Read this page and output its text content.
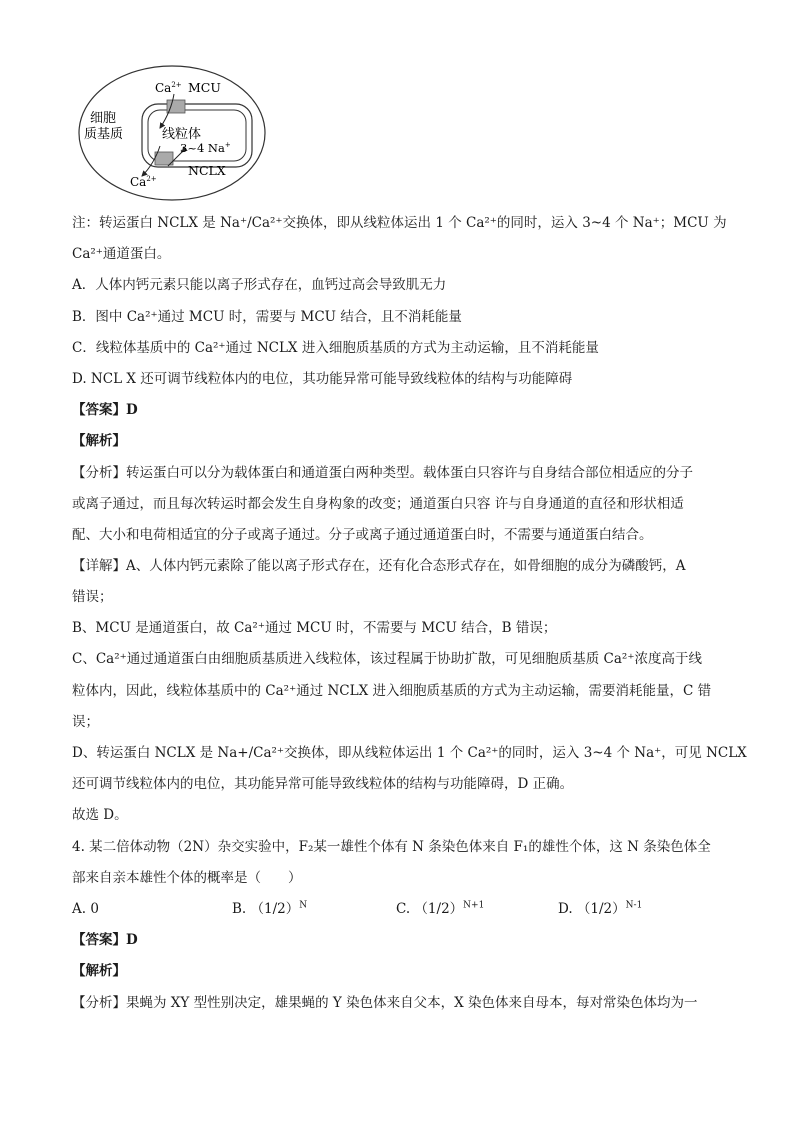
$Ca^{2+}$ MCU
细胞
质基质	线粒体
3~4 Na+
NCLX
$Ca^{2+}$
注：转运蛋白 NCLX 是 Na⁺/Ca²⁺交换体，即从线粒体运出 1 个 Ca²⁺的同时，运入 3~4 个 Na⁺；MCU 为
Ca²⁺通道蛋白。
A．人体内钙元素只能以离子形式存在，血钙过高会导致肌无力
B．图中 Ca²⁺通过 MCU 时，需要与 MCU 结合，且不消耗能量
C．线粒体基质中的 Ca²⁺通过 NCLX 进入细胞质基质的方式为主动运输，且不消耗能量
D. NCL X 还可调节线粒体内的电位，其功能异常可能导致线粒体的结构与功能障碍
【答案】D
【解析】
【分析】转运蛋白可以分为载体蛋白和通道蛋白两种类型。载体蛋白只容许与自身结合部位相适应的分子
或离子通过，而且每次转运时都会发生自身构象的改变；通道蛋白只容 许与自身通道的直径和形状相适
配、大小和电荷相适宜的分子或离子通过。分子或离子通过通道蛋白时，不需要与通道蛋白结合。
【详解】A、人体内钙元素除了能以离子形式存在，还有化合态形式存在，如骨细胞的成分为磷酸钙，A
错误；
B、MCU 是通道蛋白，故 Ca²⁺通过 MCU 时，不需要与 MCU 结合，B 错误；
C、Ca²⁺通过通道蛋白由细胞质基质进入线粒体，该过程属于协助扩散，可见细胞质基质 Ca²⁺浓度高于线
粒体内，因此，线粒体基质中的 Ca²⁺通过 NCLX 进入细胞质基质的方式为主动运输，需要消耗能量，C 错
误；
D、转运蛋白 NCLX 是 Na+/Ca²⁺交换体，即从线粒体运出 1 个 Ca²⁺的同时，运入 3~4 个 Na⁺，可见 NCLX
还可调节线粒体内的电位，其功能异常可能导致线粒体的结构与功能障碍，D 正确。
故选 D。
4. 某二倍体动物（2N）杂交实验中，F₂某一雄性个体有 N 条染色体来自 F₁的雄性个体，这 N 条染色体全
部来自亲本雄性个体的概率是（　　）
A. 0	B. $(1/2)^N$	C. $(1/2)^{N+1}$	D. $(1/2)^{N-1}$
【答案】D
【解析】
【分析】果蝇为 XY 型性别决定，雄果蝇的 Y 染色体来自父本，X 染色体来自母本，每对常染色体均为一
